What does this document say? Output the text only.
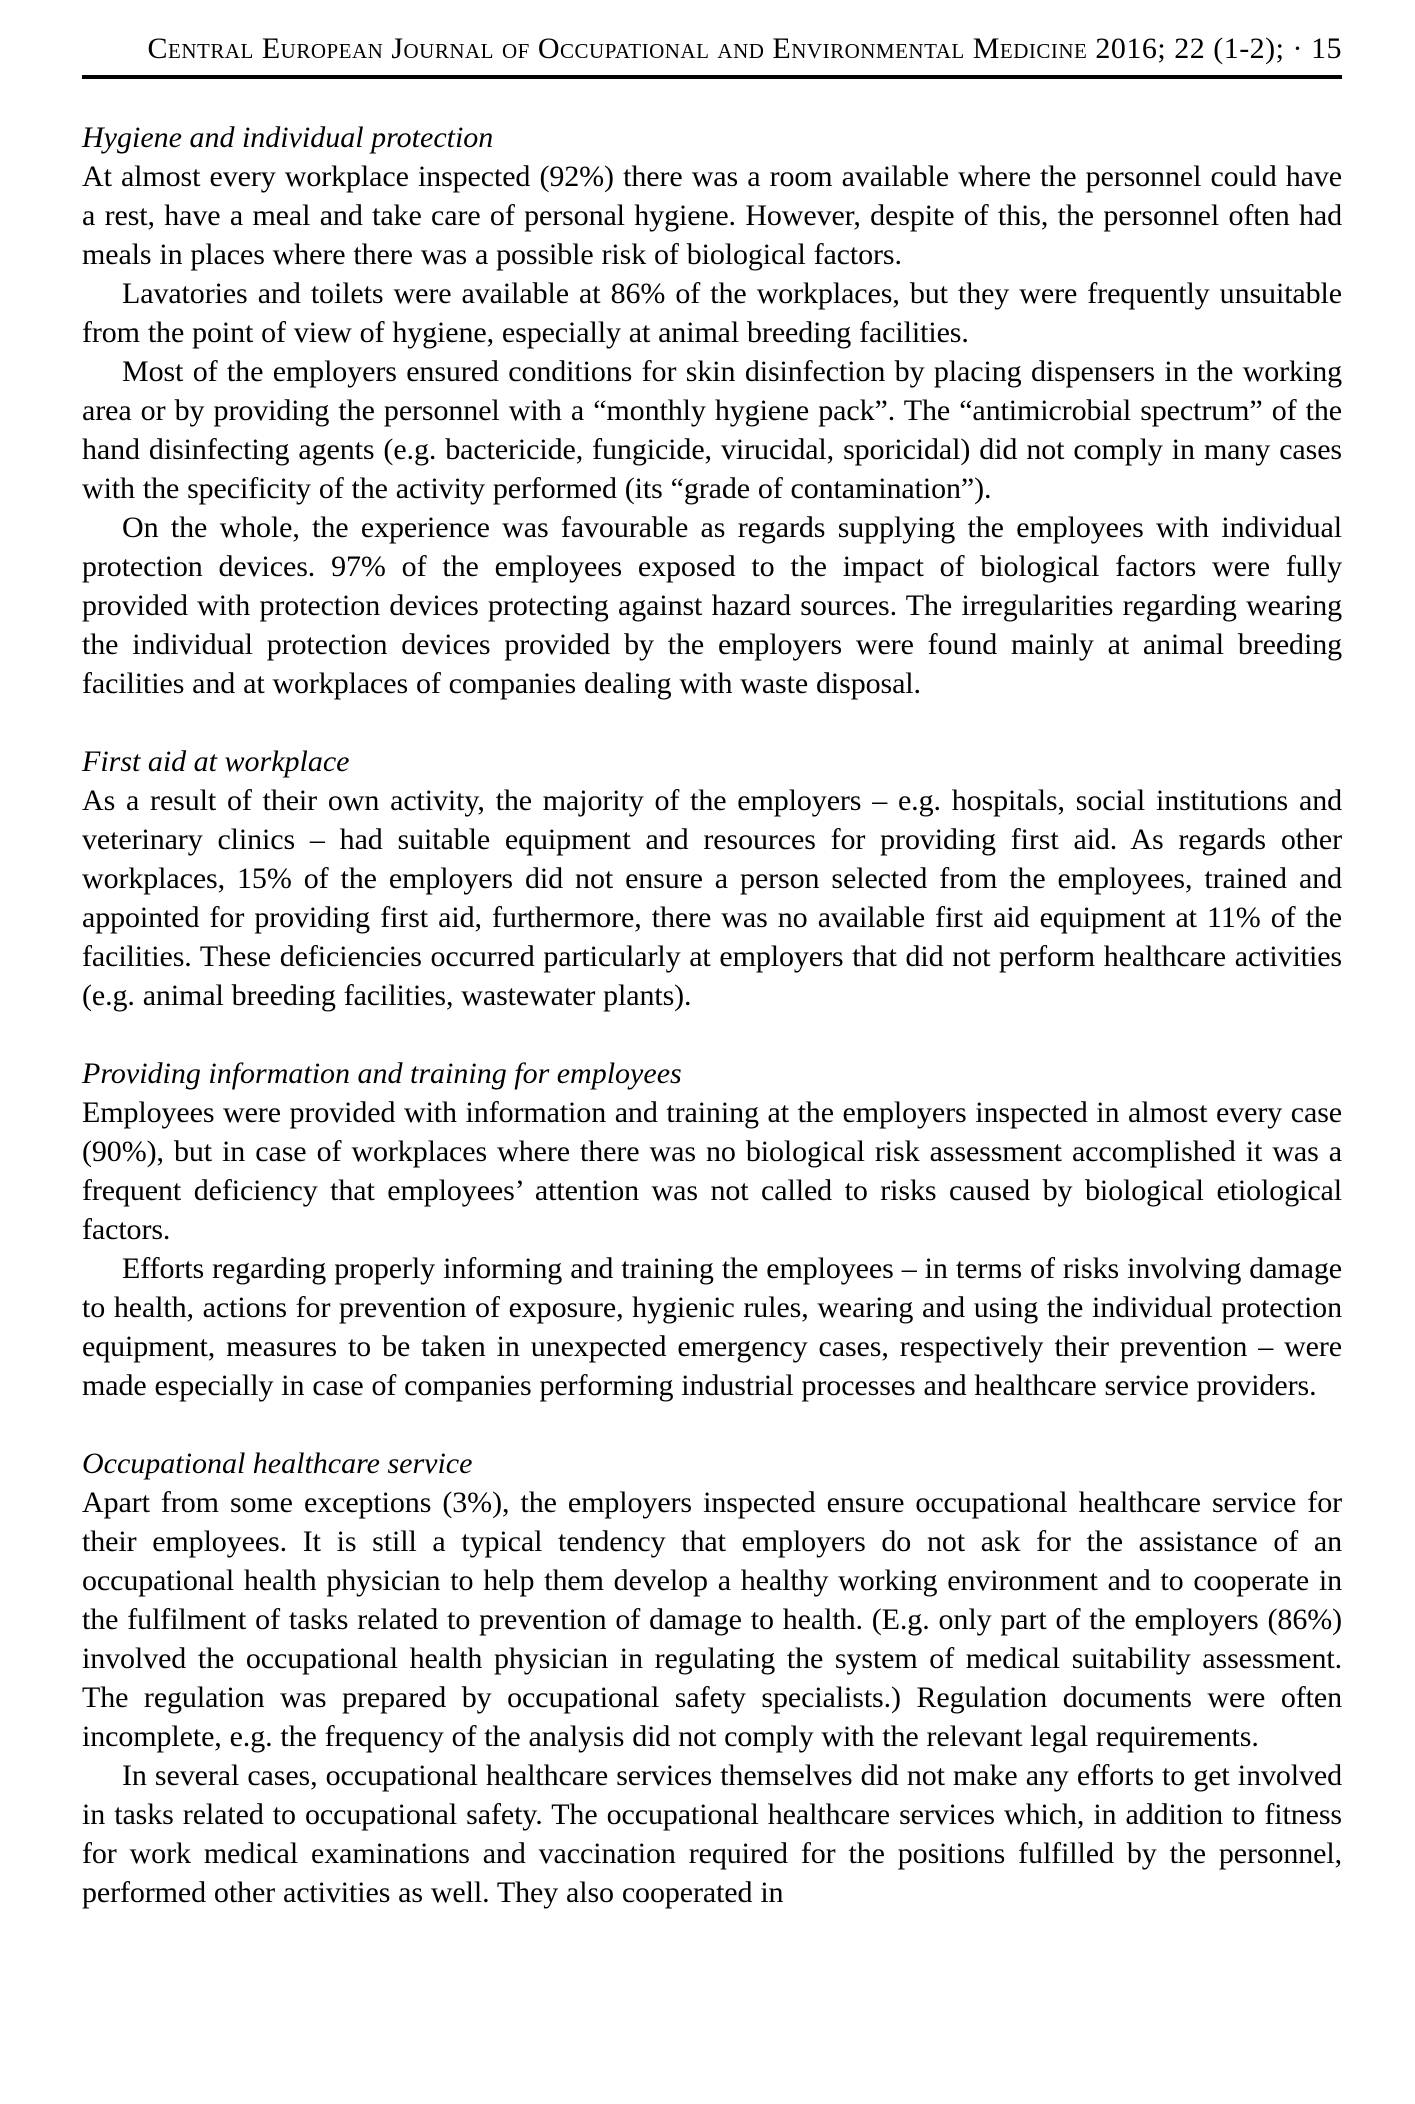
Central European Journal of Occupational and Environmental Medicine 2016; 22 (1-2); · 15
Hygiene and individual protection

At almost every workplace inspected (92%) there was a room available where the personnel could have a rest, have a meal and take care of personal hygiene. However, despite of this, the personnel often had meals in places where there was a possible risk of biological factors.

Lavatories and toilets were available at 86% of the workplaces, but they were frequently unsuitable from the point of view of hygiene, especially at animal breeding facilities.

Most of the employers ensured conditions for skin disinfection by placing dispensers in the working area or by providing the personnel with a “monthly hygiene pack”. The “antimicrobial spectrum” of the hand disinfecting agents (e.g. bactericide, fungicide, virucidal, sporicidal) did not comply in many cases with the specificity of the activity performed (its “grade of contamination”).

On the whole, the experience was favourable as regards supplying the employees with individual protection devices. 97% of the employees exposed to the impact of biological factors were fully provided with protection devices protecting against hazard sources. The irregularities regarding wearing the individual protection devices provided by the employers were found mainly at animal breeding facilities and at workplaces of companies dealing with waste disposal.

First aid at workplace

As a result of their own activity, the majority of the employers – e.g. hospitals, social institutions and veterinary clinics – had suitable equipment and resources for providing first aid. As regards other workplaces, 15% of the employers did not ensure a person selected from the employees, trained and appointed for providing first aid, furthermore, there was no available first aid equipment at 11% of the facilities. These deficiencies occurred particularly at employers that did not perform healthcare activities (e.g. animal breeding facilities, wastewater plants).

Providing information and training for employees

Employees were provided with information and training at the employers inspected in almost every case (90%), but in case of workplaces where there was no biological risk assessment accomplished it was a frequent deficiency that employees’ attention was not called to risks caused by biological etiological factors.

Efforts regarding properly informing and training the employees – in terms of risks involving damage to health, actions for prevention of exposure, hygienic rules, wearing and using the individual protection equipment, measures to be taken in unexpected emergency cases, respectively their prevention – were made especially in case of companies performing industrial processes and healthcare service providers.

Occupational healthcare service

Apart from some exceptions (3%), the employers inspected ensure occupational healthcare service for their employees. It is still a typical tendency that employers do not ask for the assistance of an occupational health physician to help them develop a healthy working environment and to cooperate in the fulfilment of tasks related to prevention of damage to health. (E.g. only part of the employers (86%) involved the occupational health physician in regulating the system of medical suitability assessment. The regulation was prepared by occupational safety specialists.) Regulation documents were often incomplete, e.g. the frequency of the analysis did not comply with the relevant legal requirements.

In several cases, occupational healthcare services themselves did not make any efforts to get involved in tasks related to occupational safety. The occupational healthcare services which, in addition to fitness for work medical examinations and vaccination required for the positions fulfilled by the personnel, performed other activities as well. They also cooperated in
